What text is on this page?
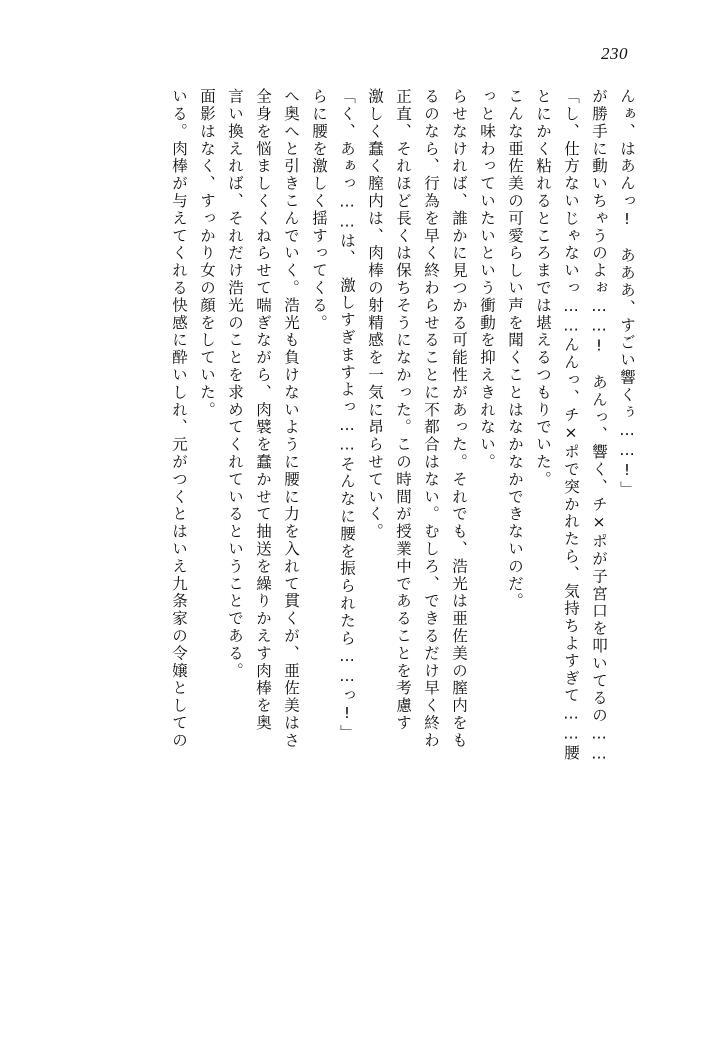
230
いる。肉棒が与えてくれる快感に酔いしれ、元がつくとはいえ九条家の令嬢としての 面影はなく、すっかり女の顔をしていた。 言い換えれば、それだけ浩光のことを求めてくれているということである。 全身を悩ましくくねらせて喘ぎながら、肉襞を蠢かせて抽送を繰りかえす肉棒を奥 へ奥へと引きこんでいく。浩光も負けないように腰に力を入れて貫くが、亜佐美はさ らに腰を激しく揺すってくる。 「く、あぁっ……は、　激しすぎますよっ……そんなに腰を振られたら……っ!」 激しく蠢く膣内は、肉棒の射精感を一気に昂らせていく。 正直、それほど長くは保ちそうになかった。この時間が授業中であることを考慮す るのなら、行為を早く終わらせることに不都合はない。むしろ、できるだけ早く終わ らせなければ、誰かに見つかる可能性があった。それでも、浩光は亜佐美の膣内をも っと味わっていたいという衝動を抑えきれない。 こんな亜佐美の可愛らしい声を聞くことはなかなかできないのだ。 とにかく粘れるところまでは堪えるつもりでいた。 「し、仕方ないじゃないっ……んんっ、チ×ポで突かれたら、気持ちよすぎて……腰 が勝手に動いちゃうのよぉ……!　あんっ、響く、チ×ポが子宮口を叩いてるの…… んぁ、はあんっ!　あああ、すごい響くぅ……!」
